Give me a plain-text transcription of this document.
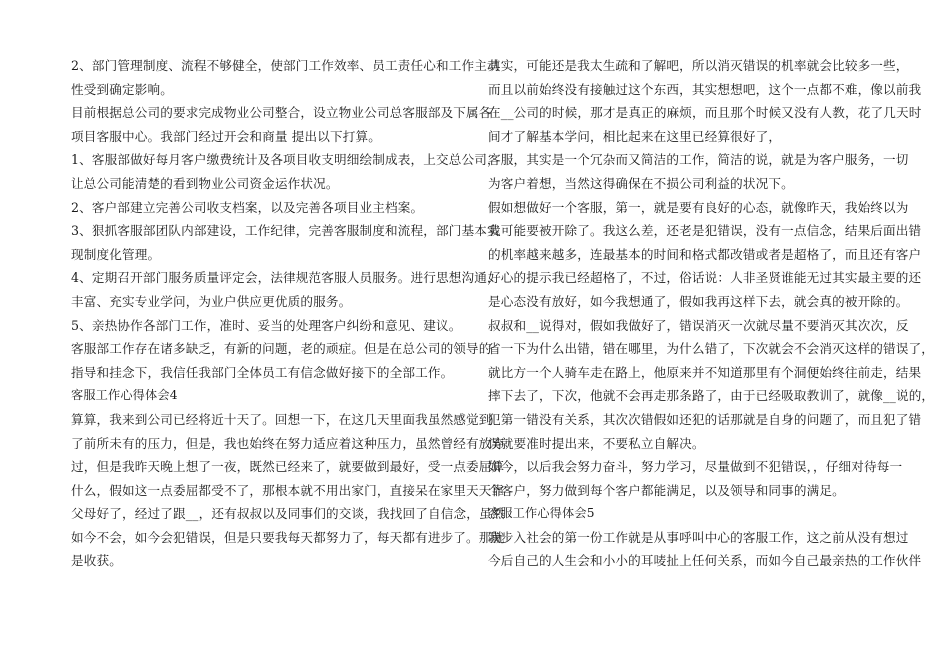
2、部门管理制度、流程不够健全，使部门工作效率、员工责任心和工作主动
性受到确定影响。
目前根据总公司的要求完成物业公司整合，设立物业公司总客服部及下属各
项目客服中心。我部门经过开会和商量 提出以下打算。
1、客服部做好每月客户缴费统计及各项目收支明细绘制成表，上交总公司，
让总公司能清楚的看到物业公司资金运作状况。
2、客户部建立完善公司收支档案，以及完善各项目业主档案。
3、狠抓客服部团队内部建设，工作纪律，完善客服制度和流程，部门基本实
现制度化管理。
4、定期召开部门服务质量评定会，法律规范客服人员服务。进行思想沟通，
丰富、充实专业学问，为业户供应更优质的服务。
5、亲热协作各部门工作，准时、妥当的处理客户纠纷和意见、建议。
客服部工作存在诸多缺乏，有新的问题，老的顽症。但是在总公司的领导的
指导和挂念下，我信任我部门全体员工有信念做好接下的全部工作。
客服工作心得体会4
算算，我来到公司已经将近十天了。回想一下，在这几天里面我虽然感觉到
了前所未有的压力，但是，我也始终在努力适应着这种压力，虽然曾经有放弃
过，但是我昨天晚上想了一夜，既然已经来了，就要做到最好，受一点委屈算
什么，假如这一点委屈都受不了，那根本就不用出家门，直接呆在家里天天靠
父母好了，经过了跟__，还有叔叔以及同事们的交谈，我找回了自信念，虽然
如今不会，如今会犯错误，但是只要我每天都努力了，每天都有进步了。那就
是收获。
其实，可能还是我太生疏和了解吧，所以消灭错误的机率就会比较多一些，
而且以前始终没有接触过这个东西，其实想想吧，这个一点都不难，像以前我
在__公司的时候，那才是真正的麻烦，而且那个时候又没有人教，花了几天时
间才了解基本学问，相比起来在这里已经算很好了，
客服，其实是一个冗杂而又简洁的工作，简洁的说，就是为客户服务，一切
为客户着想，当然这得确保在不损公司利益的状况下。
假如想做好一个客服，第一，就是要有良好的心态，就像昨天，我始终以为
我可能要被开除了。我这么差，还老是犯错误，没有一点信念，结果后面出错
的机率越来越多，连最基本的时间和格式都改错或者是超格了，而且还有客户
好心的提示我已经超格了，不过，俗话说：人非圣贤谁能无过其实最主要的还
是心态没有放好，如今我想通了，假如我再这样下去，就会真的被开除的。
叔叔和__说得对，假如我做好了，错误消灭一次就尽量不要消灭其次次，反
省一下为什么出错，错在哪里，为什么错了，下次就会不会消灭这样的错误了，
就比方一个人骑车走在路上，他原来并不知道那里有个洞便始终往前走，结果
摔下去了，下次，他就不会再走那条路了，由于已经吸取教训了，就像__说的，
犯第一错没有关系，其次次错假如还犯的话那就是自身的问题了，而且犯了错
误就要准时提出来，不要私立自解决。
如今，以后我会努力奋斗，努力学习，尽量做到不犯错误，，仔细对待每一
个客户，努力做到每个客户都能满足，以及领导和同事的满足。
客服工作心得体会5
我步入社会的第一份工作就是从事呼叫中心的客服工作，这之前从没有想过
今后自己的人生会和小小的耳唛扯上任何关系，而如今自己最亲热的工作伙伴
